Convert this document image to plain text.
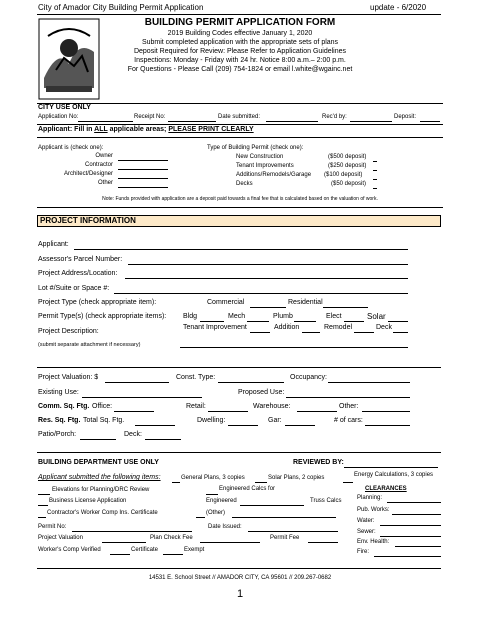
City of Amador City Building Permit Application	update - 6/2020
BUILDING PERMIT APPLICATION FORM
2019 Building Codes effective January 1, 2020
Submit completed application with the appropriate sets of plans
Deposit Required for Review: Please Refer to Application Guidelines
Inspections: Monday - Friday with 24 hr. Notice 8:00 a.m.– 2:00 p.m.
For Questions - Please Call (209) 754-1824 or email l.white@wgainc.net
CITY USE ONLY
Application No:	Receipt No:	Date submitted:	Rec'd by:	Deposit:
Applicant: Fill in ALL applicable areas; PLEASE PRINT CLEARLY
Applicant is (check one):
Owner
Contractor
Architect/Designer
Other
Type of Building Permit (check one):
New Construction	($500 deposit)
Tenant Improvements	($250 deposit)
Additions/Remodels/Garage ($100 deposit)
Decks	($50 deposit)
Note: Funds provided with application are a deposit paid towards a final fee that is calculated based on the valuation of work.
PROJECT INFORMATION
Applicant:
Assessor's Parcel Number:
Project Address/Location:
Lot #/Suite or Space #:
Project Type (check appropriate item):	Commercial	Residential
Permit Type(s) (check appropriate items): Bldg	Mech	Plumb	Elect	Solar
Tenant Improvement	Addition	Remodel	Deck
Project Description:
(submit separate attachment if necessary)
Project Valuation: $	Const. Type:	Occupancy:
Existing Use:	Proposed Use:
Comm. Sq. Ftg. Office:	Retail:	Warehouse:	Other:
Res. Sq. Ftg. Total Sq. Ftg.	Dwelling:	Gar:	# of cars:
Patio/Porch:	Deck:
BUILDING DEPARTMENT USE ONLY	REVIEWED BY:
Applicant submitted the following items:	General Plans, 3 copies	Solar Plans, 2 copies	Energy Calculations, 3 copies
Elevations for Planning/DRC Review	Engineered Calcs for	CLEARANCES
Business License Application	Engineered	Truss Calcs	Planning:
Contractor's Worker Comp Ins. Certificate	(Other)	Pub. Works:
Water:
Permit No:	Date Issued:
Sewer:
Project Valuation	Plan Check Fee	Permit Fee
Env. Health:
Worker's Comp Verified	Certificate	Exempt	Fire:
14531 E. School Street // AMADOR CITY, CA 95601 // 209.267-0682
1
